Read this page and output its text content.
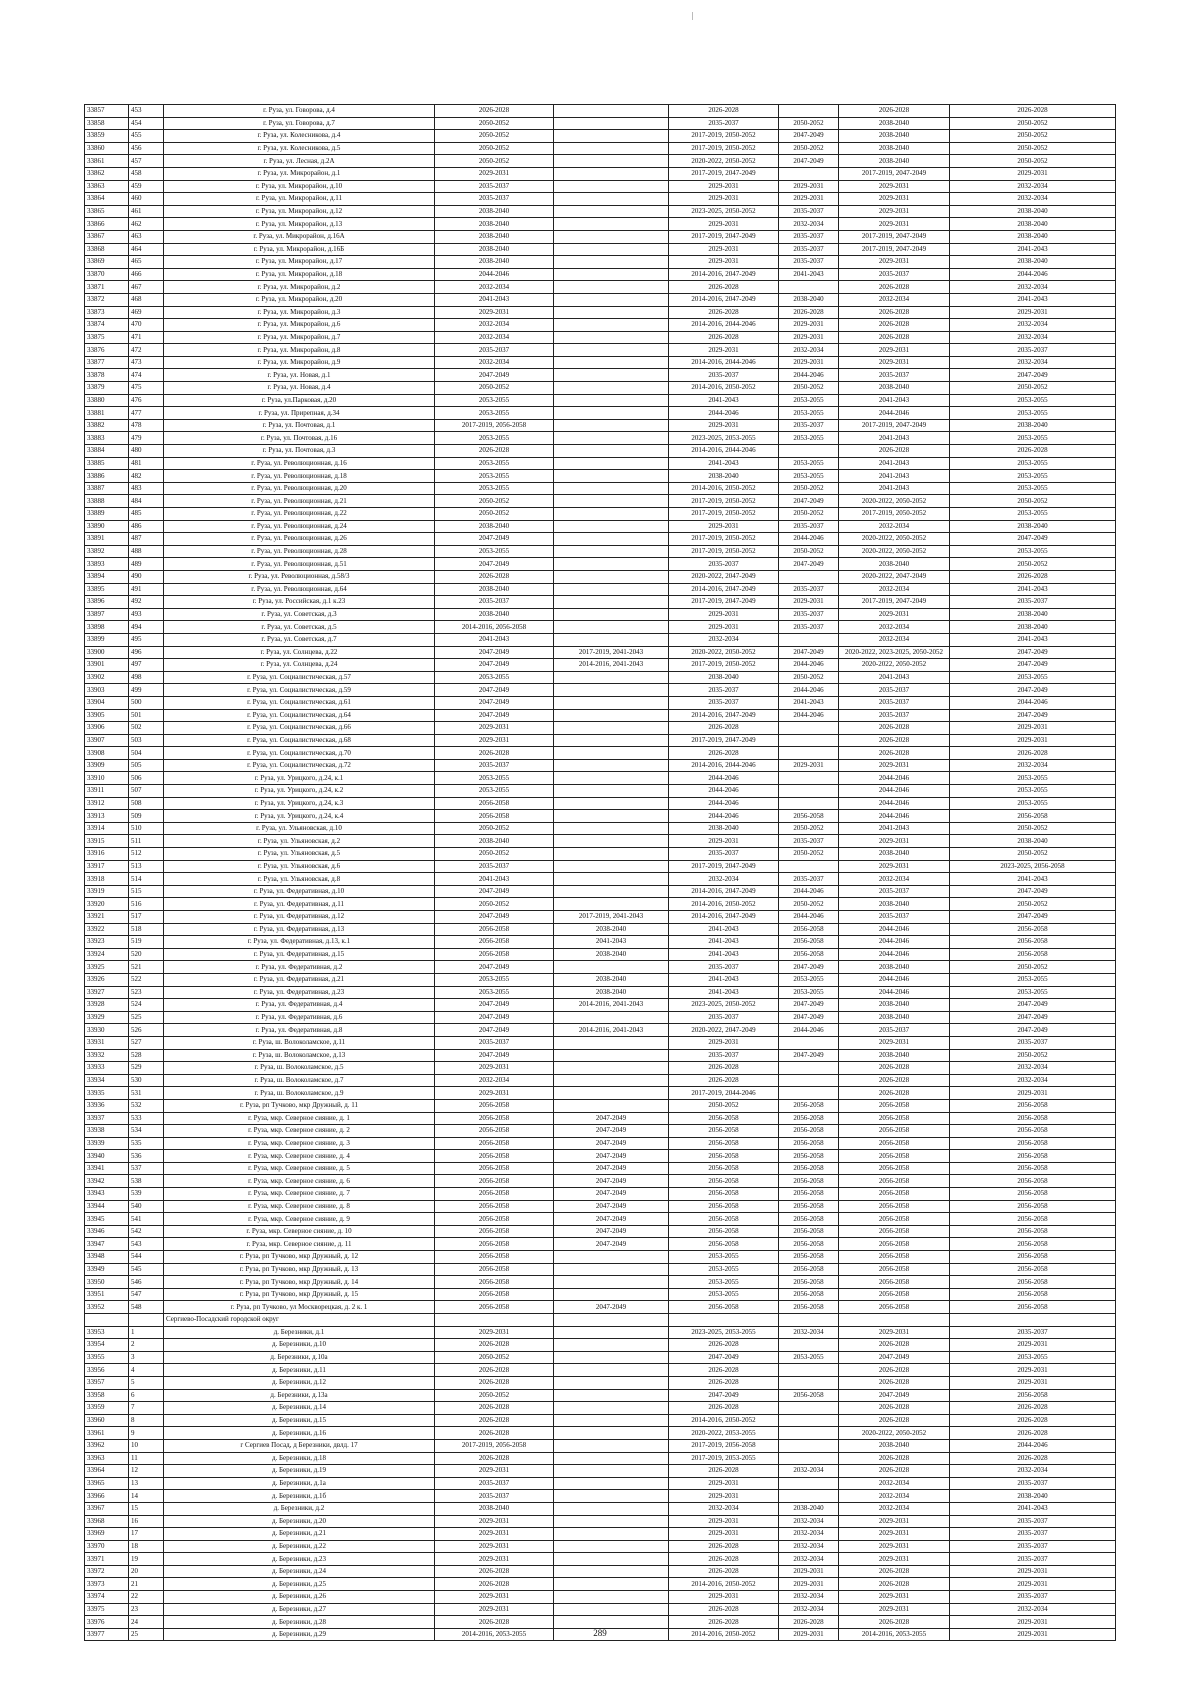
33857	453	г. Руза, ул. Говорова, д.4	2026-2028		2026-2028		2026-2028	2026-2028
33858	454	г. Руза, ул. Говорова, д.7	2050-2052		2035-2037	2050-2052	2038-2040	2050-2052
33859	455	г. Руза, ул. Колесникова, д.4	2050-2052		2017-2019, 2050-2052	2047-2049	2038-2040	2050-2052
33860	456	г. Руза, ул. Колесникова, д.5	2050-2052		2017-2019, 2050-2052	2050-2052	2038-2040	2050-2052
33861	457	г. Руза, ул. Лесная, д.2А	2050-2052		2020-2022, 2050-2052	2047-2049	2038-2040	2050-2052
33862	458	г. Руза, ул. Микрорайон, д.1	2029-2031		2017-2019, 2047-2049		2017-2019, 2047-2049	2029-2031
33863	459	г. Руза, ул. Микрорайон, д.10	2035-2037		2029-2031	2029-2031	2029-2031	2032-2034
33864	460	г. Руза, ул. Микрорайон, д.11	2035-2037		2029-2031	2029-2031	2029-2031	2032-2034
33865	461	г. Руза, ул. Микрорайон, д.12	2038-2040		2023-2025, 2050-2052	2035-2037	2029-2031	2038-2040
33866	462	г. Руза, ул. Микрорайон, д.13	2038-2040		2029-2031	2032-2034	2029-2031	2038-2040
33867	463	г. Руза, ул. Микрорайон, д.16А	2038-2040		2017-2019, 2047-2049	2035-2037	2017-2019, 2047-2049	2038-2040
33868	464	г. Руза, ул. Микрорайон, д.16Б	2038-2040		2029-2031	2035-2037	2017-2019, 2047-2049	2041-2043
33869	465	г. Руза, ул. Микрорайон, д.17	2038-2040		2029-2031	2035-2037	2029-2031	2038-2040
33870	466	г. Руза, ул. Микрорайон, д.18	2044-2046		2014-2016, 2047-2049	2041-2043	2035-2037	2044-2046
33871	467	г. Руза, ул. Микрорайон, д.2	2032-2034		2026-2028		2026-2028	2032-2034
33872	468	г. Руза, ул. Микрорайон, д.20	2041-2043		2014-2016, 2047-2049	2038-2040	2032-2034	2041-2043
33873	469	г. Руза, ул. Микрорайон, д.3	2029-2031		2026-2028	2026-2028	2026-2028	2029-2031
33874	470	г. Руза, ул. Микрорайон, д.6	2032-2034		2014-2016, 2044-2046	2029-2031	2026-2028	2032-2034
33875	471	г. Руза, ул. Микрорайон, д.7	2032-2034		2026-2028	2029-2031	2026-2028	2032-2034
33876	472	г. Руза, ул. Микрорайон, д.8	2035-2037		2029-2031	2032-2034	2029-2031	2035-2037
33877	473	г. Руза, ул. Микрорайон, д.9	2032-2034		2014-2016, 2044-2046	2029-2031	2029-2031	2032-2034
33878	474	г. Руза, ул. Новая, д.1	2047-2049		2035-2037	2044-2046	2035-2037	2047-2049
33879	475	г. Руза, ул. Новая, д.4	2050-2052		2014-2016, 2050-2052	2050-2052	2038-2040	2050-2052
33880	476	г. Руза, ул.Парковая, д.20	2053-2055		2041-2043	2053-2055	2041-2043	2053-2055
33881	477	г. Руза, ул. Прирепная, д.34	2053-2055		2044-2046	2053-2055	2044-2046	2053-2055
33882	478	г. Руза, ул. Почтовая, д.1	2017-2019, 2056-2058		2029-2031	2035-2037	2017-2019, 2047-2049	2038-2040
33883	479	г. Руза, ул. Почтовая, д.16	2053-2055		2023-2025, 2053-2055	2053-2055	2041-2043	2053-2055
33884	480	г. Руза, ул. Почтовая, д.3	2026-2028		2014-2016, 2044-2046		2026-2028	2026-2028
33885	481	г. Руза, ул. Революционная, д.16	2053-2055		2041-2043	2053-2055	2041-2043	2053-2055
33886	482	г. Руза, ул. Революционная, д.18	2053-2055		2038-2040	2053-2055	2041-2043	2053-2055
33887	483	г. Руза, ул. Революционная, д.20	2053-2055		2014-2016, 2050-2052	2050-2052	2041-2043	2053-2055
33888	484	г. Руза, ул. Революционная, д.21	2050-2052		2017-2019, 2050-2052	2047-2049	2020-2022, 2050-2052	2050-2052
33889	485	г. Руза, ул. Революционная, д.22	2050-2052		2017-2019, 2050-2052	2050-2052	2017-2019, 2050-2052	2053-2055
33890	486	г. Руза, ул. Революционная, д.24	2038-2040		2029-2031	2035-2037	2032-2034	2038-2040
33891	487	г. Руза, ул. Революционная, д.26	2047-2049		2017-2019, 2050-2052	2044-2046	2020-2022, 2050-2052	2047-2049
33892	488	г. Руза, ул. Революционная, д.28	2053-2055		2017-2019, 2050-2052	2050-2052	2020-2022, 2050-2052	2053-2055
33893	489	г. Руза, ул. Революционная, д.51	2047-2049		2035-2037	2047-2049	2038-2040	2050-2052
33894	490	г. Руза, ул. Революционная, д.58/3	2026-2028		2020-2022, 2047-2049		2020-2022, 2047-2049	2026-2028
33895	491	г. Руза, ул. Революционная, д.64	2038-2040		2014-2016, 2047-2049	2035-2037	2032-2034	2041-2043
33896	492	г. Руза, ул. Российская, д.1 к.23	2035-2037		2017-2019, 2047-2049	2029-2031	2017-2019, 2047-2049	2035-2037
33897	493	г. Руза, ул. Советская, д.3	2038-2040		2029-2031	2035-2037	2029-2031	2038-2040
33898	494	г. Руза, ул. Советская, д.5	2014-2016, 2056-2058		2029-2031	2035-2037	2032-2034	2038-2040
33899	495	г. Руза, ул. Советская, д.7	2041-2043		2032-2034		2032-2034	2041-2043
33900	496	г. Руза, ул. Солнцева, д.22	2047-2049	2017-2019, 2041-2043	2020-2022, 2050-2052	2047-2049	2020-2022, 2023-2025, 2050-2052	2047-2049
33901	497	г. Руза, ул. Солнцева, д.24	2047-2049	2014-2016, 2041-2043	2017-2019, 2050-2052	2044-2046	2020-2022, 2050-2052	2047-2049
33902	498	г. Руза, ул. Социалистическая, д.57	2053-2055		2038-2040	2050-2052	2041-2043	2053-2055
33903	499	г. Руза, ул. Социалистическая, д.59	2047-2049		2035-2037	2044-2046	2035-2037	2047-2049
33904	500	г. Руза, ул. Социалистическая, д.61	2047-2049		2035-2037	2041-2043	2035-2037	2044-2046
33905	501	г. Руза, ул. Социалистическая, д.64	2047-2049		2014-2016, 2047-2049	2044-2046	2035-2037	2047-2049
33906	502	г. Руза, ул. Социалистическая, д.66	2029-2031		2026-2028		2026-2028	2029-2031
33907	503	г. Руза, ул. Социалистическая, д.68	2029-2031		2017-2019, 2047-2049		2026-2028	2029-2031
33908	504	г. Руза, ул. Социалистическая, д.70	2026-2028		2026-2028		2026-2028	2026-2028
33909	505	г. Руза, ул. Социалистическая, д.72	2035-2037		2014-2016, 2044-2046	2029-2031	2029-2031	2032-2034
33910	506	г. Руза, ул. Урицкого, д.24, к.1	2053-2055		2044-2046		2044-2046	2053-2055
33911	507	г. Руза, ул. Урицкого, д.24, к.2	2053-2055		2044-2046		2044-2046	2053-2055
33912	508	г. Руза, ул. Урицкого, д.24, к.3	2056-2058		2044-2046		2044-2046	2053-2055
33913	509	г. Руза, ул. Урицкого, д.24, к.4	2056-2058		2044-2046	2056-2058	2044-2046	2056-2058
33914	510	г. Руза, ул. Ульяновская, д.10	2050-2052		2038-2040	2050-2052	2041-2043	2050-2052
33915	511	г. Руза, ул. Ульяновская, д.2	2038-2040		2029-2031	2035-2037	2029-2031	2038-2040
33916	512	г. Руза, ул. Ульяновская, д.5	2050-2052		2035-2037	2050-2052	2038-2040	2050-2052
33917	513	г. Руза, ул. Ульяновская, д.6	2035-2037		2017-2019, 2047-2049		2029-2031	2023-2025, 2056-2058
33918	514	г. Руза, ул. Ульяновская, д.8	2041-2043		2032-2034	2035-2037	2032-2034	2041-2043
33919	515	г. Руза, ул. Федеративная, д.10	2047-2049		2014-2016, 2047-2049	2044-2046	2035-2037	2047-2049
33920	516	г. Руза, ул. Федеративная, д.11	2050-2052		2014-2016, 2050-2052	2050-2052	2038-2040	2050-2052
33921	517	г. Руза, ул. Федеративная, д.12	2047-2049	2017-2019, 2041-2043	2014-2016, 2047-2049	2044-2046	2035-2037	2047-2049
33922	518	г. Руза, ул. Федеративная, д.13	2056-2058	2038-2040	2041-2043	2056-2058	2044-2046	2056-2058
33923	519	г. Руза, ул. Федеративная, д.13, к.1	2056-2058	2041-2043	2041-2043	2056-2058	2044-2046	2056-2058
33924	520	г. Руза, ул. Федеративная, д.15	2056-2058	2038-2040	2041-2043	2056-2058	2044-2046	2056-2058
33925	521	г. Руза, ул. Федеративная, д.2	2047-2049		2035-2037	2047-2049	2038-2040	2050-2052
33926	522	г. Руза, ул. Федеративная, д.21	2053-2055	2038-2040	2041-2043	2053-2055	2044-2046	2053-2055
33927	523	г. Руза, ул. Федеративная, д.23	2053-2055	2038-2040	2041-2043	2053-2055	2044-2046	2053-2055
33928	524	г. Руза, ул. Федеративная, д.4	2047-2049	2014-2016, 2041-2043	2023-2025, 2050-2052	2047-2049	2038-2040	2047-2049
33929	525	г. Руза, ул. Федеративная, д.6	2047-2049		2035-2037	2047-2049	2038-2040	2047-2049
33930	526	г. Руза, ул. Федеративная, д.8	2047-2049	2014-2016, 2041-2043	2020-2022, 2047-2049	2044-2046	2035-2037	2047-2049
33931	527	г. Руза, ш. Волоколамское, д.11	2035-2037		2029-2031		2029-2031	2035-2037
33932	528	г. Руза, ш. Волоколамское, д.13	2047-2049		2035-2037	2047-2049	2038-2040	2050-2052
33933	529	г. Руза, ш. Волоколамское, д.5	2029-2031		2026-2028		2026-2028	2032-2034
33934	530	г. Руза, ш. Волоколамское, д.7	2032-2034		2026-2028		2026-2028	2032-2034
33935	531	г. Руза, ш. Волоколамское, д.9	2029-2031		2017-2019, 2044-2046		2026-2028	2029-2031
33936	532	г. Руза, рп Тучково, мкр Дружный, д. 11	2056-2058		2050-2052	2056-2058	2056-2058	2056-2058
33937	533	г. Руза, мкр. Северное сияние, д. 1	2056-2058	2047-2049	2056-2058	2056-2058	2056-2058	2056-2058
33938	534	г. Руза, мкр. Северное сияние, д. 2	2056-2058	2047-2049	2056-2058	2056-2058	2056-2058	2056-2058
33939	535	г. Руза, мкр. Северное сияние, д. 3	2056-2058	2047-2049	2056-2058	2056-2058	2056-2058	2056-2058
33940	536	г. Руза, мкр. Северное сияние, д. 4	2056-2058	2047-2049	2056-2058	2056-2058	2056-2058	2056-2058
33941	537	г. Руза, мкр. Северное сияние, д. 5	2056-2058	2047-2049	2056-2058	2056-2058	2056-2058	2056-2058
33942	538	г. Руза, мкр. Северное сияние, д. 6	2056-2058	2047-2049	2056-2058	2056-2058	2056-2058	2056-2058
33943	539	г. Руза, мкр. Северное сияние, д. 7	2056-2058	2047-2049	2056-2058	2056-2058	2056-2058	2056-2058
33944	540	г. Руза, мкр. Северное сияние, д. 8	2056-2058	2047-2049	2056-2058	2056-2058	2056-2058	2056-2058
33945	541	г. Руза, мкр. Северное сияние, д. 9	2056-2058	2047-2049	2056-2058	2056-2058	2056-2058	2056-2058
33946	542	г. Руза, мкр. Северное сияние, д. 10	2056-2058	2047-2049	2056-2058	2056-2058	2056-2058	2056-2058
33947	543	г. Руза, мкр. Северное сияние, д. 11	2056-2058	2047-2049	2056-2058	2056-2058	2056-2058	2056-2058
33948	544	г. Руза, рп Тучково, мкр Дружный, д. 12	2056-2058		2053-2055	2056-2058	2056-2058	2056-2058
33949	545	г. Руза, рп Тучково, мкр Дружный, д. 13	2056-2058		2053-2055	2056-2058	2056-2058	2056-2058
33950	546	г. Руза, рп Тучково, мкр Дружный, д. 14	2056-2058		2053-2055	2056-2058	2056-2058	2056-2058
33951	547	г. Руза, рп Тучково, мкр Дружный, д. 15	2056-2058		2053-2055	2056-2058	2056-2058	2056-2058
33952	548	г. Руза, рп Тучково, ул Москворецкая, д. 2 к. 1	2056-2058	2047-2049	2056-2058	2056-2058	2056-2058	2056-2058
		Сергиево-Посадский городской округ						
33953	1	д. Березники, д.1	2029-2031		2023-2025, 2053-2055	2032-2034	2029-2031	2035-2037
33954	2	д. Березники, д.10	2026-2028		2026-2028		2026-2028	2029-2031
33955	3	д. Березники, д.10а	2050-2052		2047-2049	2053-2055	2047-2049	2053-2055
33956	4	д. Березники, д.11	2026-2028		2026-2028		2026-2028	2029-2031
33957	5	д. Березники, д.12	2026-2028		2026-2028		2026-2028	2029-2031
33958	6	д. Березники, д.13а	2050-2052		2047-2049	2056-2058	2047-2049	2056-2058
33959	7	д. Березники, д.14	2026-2028		2026-2028		2026-2028	2026-2028
33960	8	д. Березники, д.15	2026-2028		2014-2016, 2050-2052		2026-2028	2026-2028
33961	9	д. Березники, д.16	2026-2028		2020-2022, 2053-2055		2020-2022, 2050-2052	2026-2028
33962	10	г Сергиев Посад, д Березники, двлд. 17	2017-2019, 2056-2058		2017-2019, 2056-2058		2038-2040	2044-2046
33963	11	д. Березники, д.18	2026-2028		2017-2019, 2053-2055		2026-2028	2026-2028
33964	12	д. Березники, д.19	2029-2031		2026-2028	2032-2034	2026-2028	2032-2034
33965	13	д. Березники, д.1а	2035-2037		2029-2031		2032-2034	2035-2037
33966	14	д. Березники, д.1б	2035-2037		2029-2031		2032-2034	2038-2040
33967	15	д. Березники, д.2	2038-2040		2032-2034	2038-2040	2032-2034	2041-2043
33968	16	д. Березники, д.20	2029-2031		2029-2031	2032-2034	2029-2031	2035-2037
33969	17	д. Березники, д.21	2029-2031		2029-2031	2032-2034	2029-2031	2035-2037
33970	18	д. Березники, д.22	2029-2031		2026-2028	2032-2034	2029-2031	2035-2037
33971	19	д. Березники, д.23	2029-2031		2026-2028	2032-2034	2029-2031	2035-2037
33972	20	д. Березники, д.24	2026-2028		2026-2028	2029-2031	2026-2028	2029-2031
33973	21	д. Березники, д.25	2026-2028		2014-2016, 2050-2052	2029-2031	2026-2028	2029-2031
33974	22	д. Березники, д.26	2029-2031		2029-2031	2032-2034	2029-2031	2035-2037
33975	23	д. Березники, д.27	2029-2031		2026-2028	2032-2034	2029-2031	2032-2034
33976	24	д. Березники, д.28	2026-2028		2026-2028	2026-2028	2026-2028	2029-2031
33977	25	д. Березники, д.29	2014-2016, 2053-2055		2014-2016, 2050-2052	2029-2031	2014-2016, 2053-2055	2029-2031
289
